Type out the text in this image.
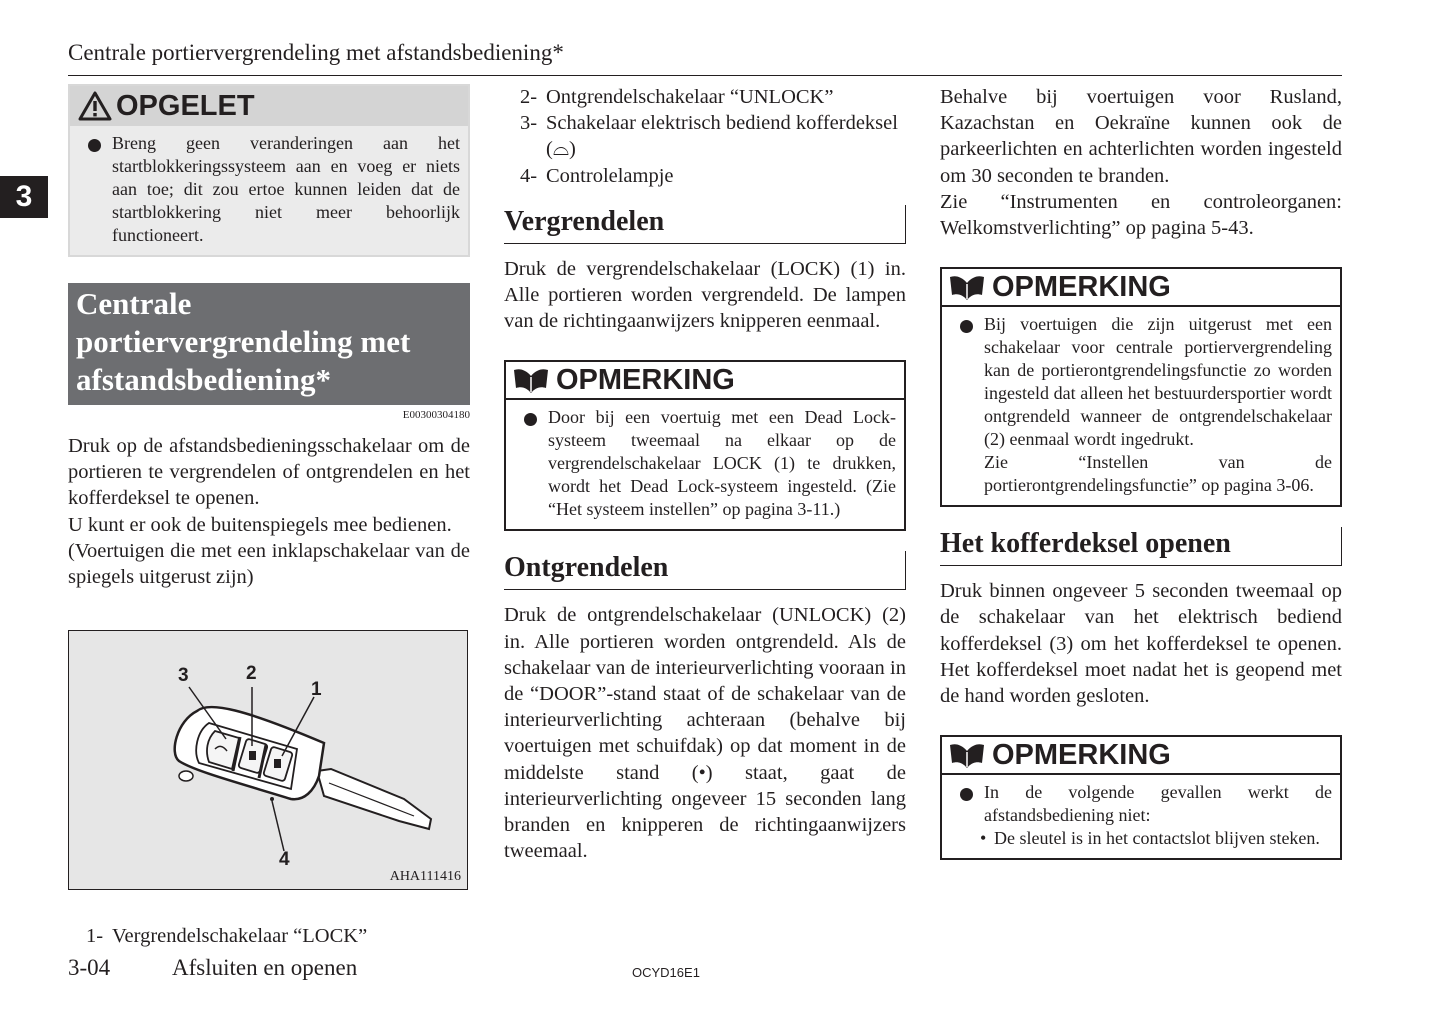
Centrale portiervergrendeling met afstandsbediening*
3
OPGELET

Breng geen veranderingen aan het startblokkeringssysteem aan en voeg er niets aan toe; dit zou ertoe kunnen leiden dat de startblokkering niet meer behoorlijk functioneert.

Centrale
portiervergrendeling met
afstandsbediening*
E00300304180

Druk op de afstandsbedieningsschakelaar om de portieren te vergrendelen of ontgrendelen en het kofferdeksel te openen.

U kunt er ook de buitenspiegels mee bedienen.

(Voertuigen die met een inklapschakelaar van de spiegels uitgerust zijn)

3	2
1
4
AHA111416
1- Vergrendelschakelaar “LOCK”
2- Ontgrendelschakelaar “UNLOCK”
3- Schakelaar elektrisch bediend kofferdeksel (⌓)
4- Controlelampje
Vergrendelen

Druk de vergrendelschakelaar (LOCK) (1) in. Alle portieren worden vergrendeld. De lampen van de richtingaanwijzers knipperen eenmaal.

OPMERKING

Door bij een voertuig met een Dead Lock-systeem tweemaal na elkaar op de vergrendelschakelaar LOCK (1) te drukken, wordt het Dead Lock-systeem ingesteld. (Zie “Het systeem instellen” op pagina 3-11.)

Ontgrendelen

Druk de ontgrendelschakelaar (UNLOCK) (2) in. Alle portieren worden ontgrendeld. Als de schakelaar van de interieurverlichting vooraan in de “DOOR”-stand staat of de schakelaar van de interieurverlichting achteraan (behalve bij voertuigen met schuifdak) op dat moment in de middelste stand (•) staat, gaat de interieurverlichting ongeveer 15 seconden lang branden en knipperen de richtingaanwijzers tweemaal.

Behalve bij voertuigen voor Rusland, Kazachstan en Oekraïne kunnen ook de parkeerlichten en achterlichten worden ingesteld om 30 seconden te branden.

Zie “Instrumenten en controleorganen: Welkomstverlichting” op pagina 5-43.

OPMERKING

Bij voertuigen die zijn uitgerust met een schakelaar voor centrale portiervergrendeling kan de portierontgrendelingsfunctie zo worden ingesteld dat alleen het bestuurdersportier wordt ontgrendeld wanneer de ontgrendelschakelaar (2) eenmaal wordt ingedrukt.

Zie “Instellen van de portierontgrendelingsfunctie” op pagina 3-06.

Het kofferdeksel openen

Druk binnen ongeveer 5 seconden tweemaal op de schakelaar van het elektrisch bediend kofferdeksel (3) om het kofferdeksel te openen. Het kofferdeksel moet nadat het is geopend met de hand worden gesloten.

OPMERKING

In de volgende gevallen werkt de afstandsbediening niet:

• De sleutel is in het contactslot blijven steken.

3-04	Afsluiten en openen	OCYD16E1
